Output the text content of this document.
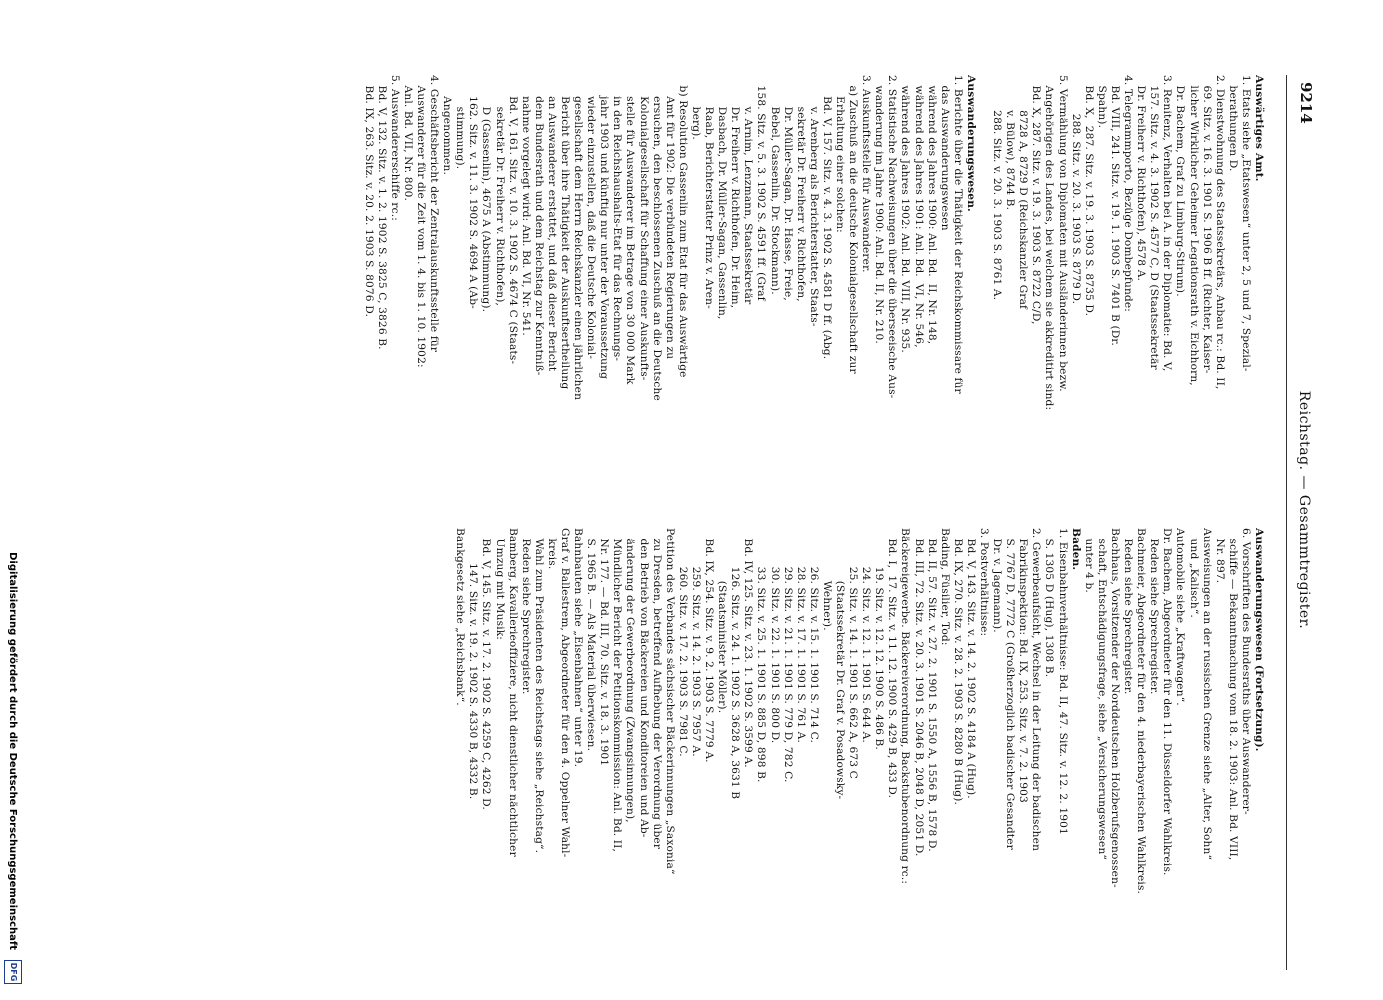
9214
Reichstag. — Gesammtregister.
Auswärtiges Amt.
1. Etats siehe „Etatswesen“ unter 2, 5 und 7, Spezial-
berathungen D.
2. Dienstwohnung des Staatssekretärs, Anbau rc.: Bd. II,
69. Sitz. v. 16. 3. 1901 S. 1906 B ff. (Richter, Kaiser-
licher Wirklicher Geheimer Legationsrath v. Eichhorn,
Dr. Bachem, Graf zu Limburg-Stirum).
3. Renitenz, Verhalten bei A. in der Diplomatie: Bd. V,
157. Sitz. v. 4. 3. 1902 S. 4577 C, D (Staatssekretär
Dr. Freiherr v. Richthofen), 4578 A.
4. Telegrammporto, Bezüge Dombepfunde:
Bd. VIII, 241. Sitz. v. 19. 1. 1903 S. 7401 B (Dr.
Spahn).
Bd. X,  287. Sitz. v. 19. 3. 1903 S. 8735 D.
288. Sitz. v. 20. 3. 1903 S. 8779 D.
5. Vermählung von Diplomaten mit Ausländerinnen bezw.
Angehörigen des Landes, bei welchem sie akkreditirt sind:
Bd. X, 287. Sitz. v. 19. 3. 1903 S. 8722 C/D,
8728 A, 8729 D (Reichskanzler Graf
v. Bülow), 8744 B.
288. Sitz. v. 20. 3. 1903 S. 8761 A.

Auswanderungswesen.
1. Berichte über die Thätigkeit der Reichskommissare für
das Auswanderungswesen
während des Jahres 1900: Anl. Bd.  II, Nr. 148,
während des Jahres 1901: Anl. Bd.  VI, Nr. 546,
während des Jahres 1902: Anl. Bd. VIII, Nr. 935.
2. Statistische Nachweisungen über die überseeische Aus-
wanderung im Jahre 1900: Anl. Bd. II, Nr. 210.
3. Auskunftsstelle für Auswanderer.
a) Zuschuß an die deutsche Kolonialgesellschaft zur
Erhaltung einer solchen:
Bd. V, 157. Sitz. v. 4. 3. 1902 S. 4581 D ff. (Abg.
v. Arenberg als Berichterstatter, Staats-
sekretär Dr. Freiherr v. Richthofen,
Dr. Müller-Sagan, Dr. Hasse, Freie,
Bebel, Gassenlin, Dr. Stockmann).
158. Sitz. v. 5. 3. 1902 S. 4591 ff. (Graf
v. Arnim, Lenzmann, Staatssekretär
Dr. Freiherr v. Richthofen, Dr. Heim,
Dasbach, Dr. Müller-Sagan, Gassenlin,
Raab, Berichterstatter Prinz v. Aren-
berg).
b) Resolution Gassenlin zum Etat für das Auswärtige
Amt für 1902: Die verbündeten Regierungen zu
ersuchen, den beschlossenen Zuschuß an die Deutsche
Kolonialgesellschaft für Schaffung einer Auskunfts-
stelle für Auswanderer im Betrage von 30 000 Mark
in den Reichshaushalts-Etat für das Rechnungs-
jahr 1903 und künftig nur unter der Voraussetzung
wieder einzustellen, daß die Deutsche Kolonial-
gesellschaft dem Herrn Reichskanzler einen jährlichen
Bericht über ihre Thätigkeit der Auskunftsertheilung
an Auswanderer erstattet, und daß dieser Bericht
dem Bundesrath und dem Reichstag zur Kenntniß-
nahme vorgelegt wird: Anl. Bd. VI, Nr. 541.
Bd. V, 161. Sitz. v. 10. 3. 1902 S. 4674 C (Staats-
sekretär Dr. Freiherr v. Richthofen),
D (Gassenlin), 4675 A (Abstimmung).
162. Sitz. v. 11. 3. 1902 S. 4694 A (Ab-
stimmung).
Angenommen.
4. Geschäftsbericht der Zentralauskunftsstelle für
Auswanderer für die Zeit vom 1. 4. bis 1. 10. 1902:
Anl. Bd. VII, Nr. 800.
5. Auswandererschiffe rc.:
Bd. V, 132. Sitz. v. 1. 2. 1902 S. 3825 C, 3826 B.
Bd. IX, 263. Sitz. v. 20. 2. 1903 S. 8076 D.
Auswanderungswesen (Fortsetzung).
6. Vorschriften des Bundesraths über Auswanderer-
schiffe — Bekanntmachung vom 18. 2. 1903: Anl. Bd. VIII,
Nr. 897.
Ausweisungen an der russischen Grenze siehe „Alter, Sohn“
und „Kalisch“.
Automobile siehe „Kraftwagen“.
Dr. Bachem, Abgeordneter für den 11. Düsseldorfer Wahlkreis.
Reden siehe Sprechregister.
Bachmeier, Abgeordneter für den 4. niederbayerischen Wahlkreis.
Reden siehe Sprechregister.
Bachhaus, Vorsitzender der Norddeutschen Holzberufsgenossen-
schaft, Entschädigungsfrage, siehe „Versicherungswesen“
unter 4 b.
Baden.
1. Eisenbahnverhältnisse: Bd. II, 47. Sitz. v. 12. 2. 1901
S. 1305 D (Hug), 1308 B.
2. Gewerbeaufsicht, Wechsel in der Leitung der badischen
Fabrikinspektion: Bd. IX, 253. Sitz. v. 7. 2. 1903
S. 7767 D, 7772 C (Großherzoglich badischer Gesandter
Dr. v. Jagemann).
3. Postverhältnisse:
Bd. V, 143. Sitz. v. 14. 2. 1902 S. 4184 A (Hug).
Bd. IX, 270. Sitz. v. 28. 2. 1903 S. 8280 B (Hug).
Bading, Füsilier, Tod:
Bd. II, 57. Sitz. v. 27. 2. 1901 S. 1550 A, 1556 B, 1578 D.
Bd. III, 72. Sitz. v. 20. 3. 1901 S. 2046 B, 2048 D, 2051 D.
Bäckereigewerbe. Bäckereiverordnung, Backstubenordnung rc.:
Bd. I,  17. Sitz. v. 11. 12. 1900 S. 429 B, 433 D.
19. Sitz. v. 12. 12. 1900 S. 486 B.
24. Sitz. v. 12. 1. 1901 S. 644 A.
25. Sitz. v. 14. 1. 1901 S. 662 A, 673 C
(Staatssekretär Dr. Graf v. Posadowsky-
Wehner).
26. Sitz. v. 15. 1. 1901 S. 714 C.
28. Sitz. v. 17. 1. 1901 S. 761 A.
29. Sitz. v. 21. 1. 1901 S. 779 D, 782 C.
30. Sitz. v. 22. 1. 1901 S. 800 D.
33. Sitz. v. 25. 1. 1901 S. 885 D, 898 B.
Bd. IV, 125. Sitz. v. 23. 1. 1902 S. 3599 A.
126. Sitz. v. 24. 1. 1902 S. 3628 A, 3631 B
(Staatsminister Möller).
Bd. IX, 254. Sitz. v. 9. 2. 1903 S. 7779 A.
259. Sitz. v. 14. 2. 1903 S. 7957 A.
260. Sitz. v. 17. 2. 1903 S. 7981 C.
Petition des Verbandes sächsischer Bäckerinnungen „Saxonia“
zu Dresden, betreffend Aufhebung der Verordnung über
den Betrieb von Bäckereien und Konditoreien und Ab-
änderung der Gewerbeordnung (Zwangsinnungen),
Mündlicher Bericht der Petitionskommission: Anl. Bd. II,
Nr. 177. — Bd. III, 70. Sitz. v. 18. 3. 1901
S. 1965 B. — Als Material überwiesen.
Bahnbauten siehe „Eisenbahnen“ unter 19.
Graf v. Ballestrem, Abgeordneter für den 4. Oppelner Wahl-
kreis.
Wahl zum Präsidenten des Reichstags siehe „Reichstag“.
Reden siehe Sprechregister.
Bamberg, Kavallerieoffiziere, nicht dienstlicher nächtlicher
Umzug mit Musik:
Bd. V, 145. Sitz. v. 17. 2. 1902 S. 4259 C, 4262 D.
147. Sitz. v. 19. 2. 1902 S. 4330 B, 4332 B.
Bankgesetz siehe „Reichsbank“.
Digitalisierung gefördert durch die Deutsche Forschungsgemeinschaft
DFG
